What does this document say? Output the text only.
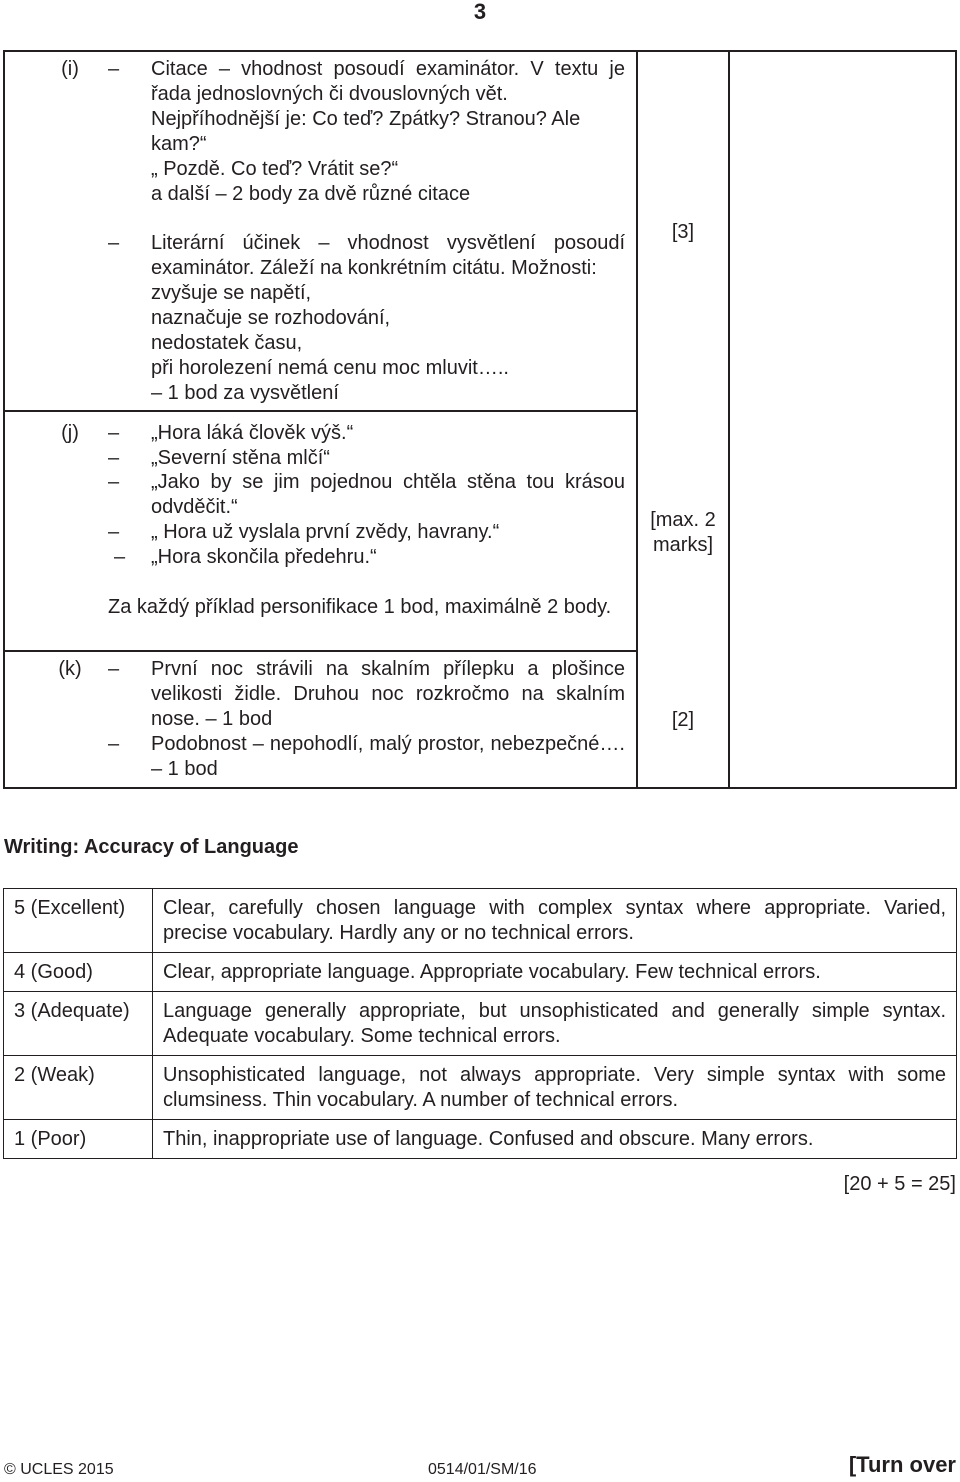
3
(i)	–	Citace – vhodnost posoudí examinátor. V textu je řada jednoslovných či dvouslovných vět.
Nejpříhodnější je: Co teď? Zpátky? Stranou? Ale
kam?“
„ Pozdě. Co teď? Vrátit se?“
a další – 2 body za dvě různé citace
–	Literární účinek – vhodnost vysvětlení posoudí examinátor. Záleží na konkrétním citátu. Možnosti:
zvyšuje se napětí,
naznačuje se rozhodování,
nedostatek času,
při horolezení nemá cenu moc mluvit…..
– 1 bod za vysvětlení
[3]
(j)	–	„Hora láká člověk výš.“
–	„Severní stěna mlčí“
–	„Jako by se jim pojednou chtěla stěna tou krásou odvděčit.“
–	„ Hora už vyslala první zvědy, havrany.“
–	„Hora skončila předehru.“
Za každý příklad personifikace 1 bod, maximálně 2 body.
[max. 2 marks]
(k)	–	První noc strávili na skalním přílepku a plošince velikosti židle. Druhou noc rozkročmo na skalním nose. – 1 bod
–	Podobnost – nepohodlí, malý prostor, nebezpečné…. – 1 bod
[2]
Writing: Accuracy of Language
5 (Excellent)	Clear, carefully chosen language with complex syntax where appropriate. Varied, precise vocabulary. Hardly any or no technical errors.
4 (Good)	Clear, appropriate language. Appropriate vocabulary. Few technical errors.
3 (Adequate)	Language generally appropriate, but unsophisticated and generally simple syntax. Adequate vocabulary. Some technical errors.
2 (Weak)	Unsophisticated language, not always appropriate. Very simple syntax with some clumsiness. Thin vocabulary. A number of technical errors.
1 (Poor)	Thin, inappropriate use of language. Confused and obscure. Many errors.
[20 + 5 = 25]
© UCLES 2015	0514/01/SM/16	[Turn over
